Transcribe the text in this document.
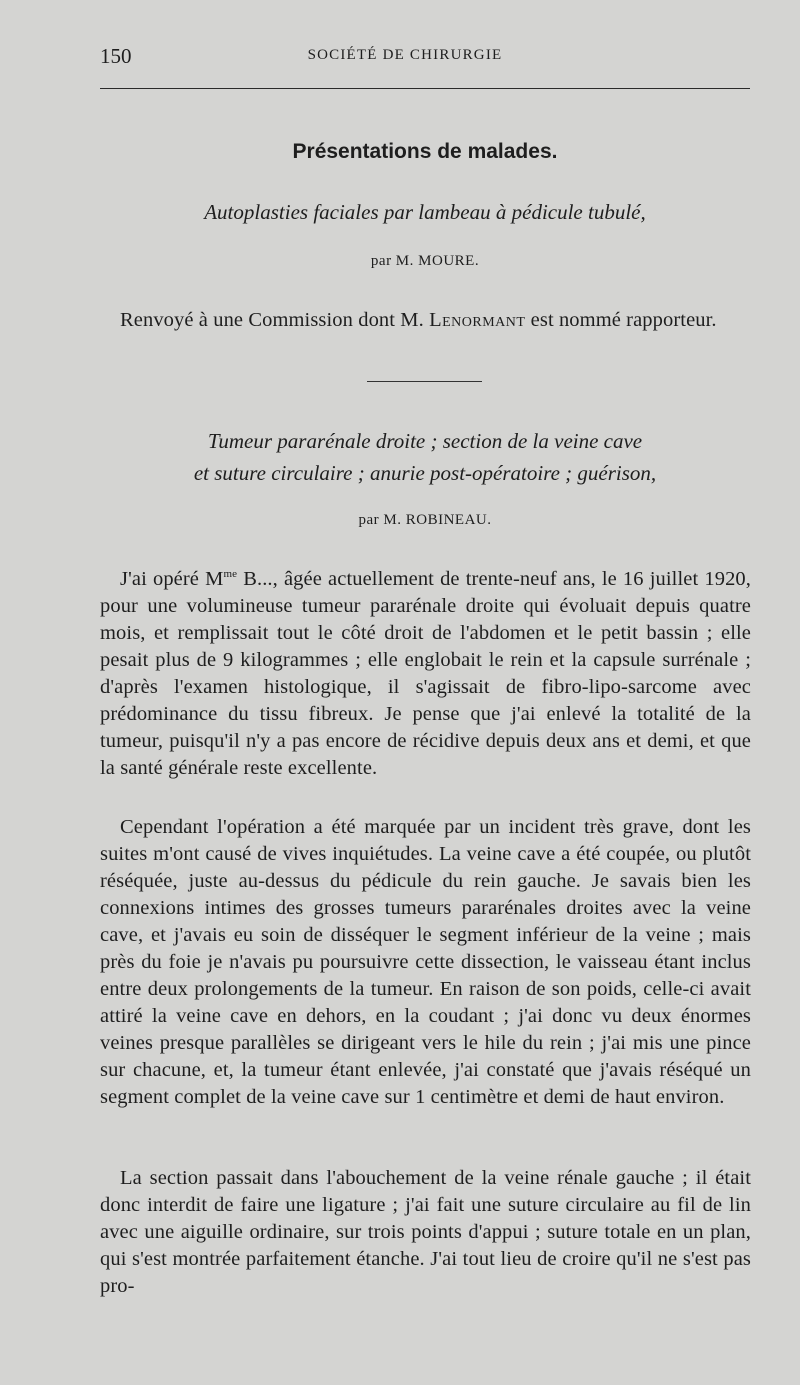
150	SOCIÉTÉ DE CHIRURGIE
Présentations de malades.
Autoplasties faciales par lambeau à pédicule tubulé,
par M. MOURE.

Renvoyé à une Commission dont M. Lenormant est nommé rapporteur.

Tumeur pararénale droite ; section de la veine cave
et suture circulaire ; anurie post-opératoire ; guérison,
par M. ROBINEAU.

J'ai opéré $M^{me}$ B..., âgée actuellement de trente-neuf ans, le 16 juillet 1920, pour une volumineuse tumeur pararénale droite qui évoluait depuis quatre mois, et remplissait tout le côté droit de l'abdomen et le petit bassin ; elle pesait plus de 9 kilogrammes ; elle englobait le rein et la capsule surrénale ; d'après l'examen histologique, il s'agissait de fibro-lipo-sarcome avec prédominance du tissu fibreux. Je pense que j'ai enlevé la totalité de la tumeur, puisqu'il n'y a pas encore de récidive depuis deux ans et demi, et que la santé générale reste excellente.

Cependant l'opération a été marquée par un incident très grave, dont les suites m'ont causé de vives inquiétudes. La veine cave a été coupée, ou plutôt réséquée, juste au-dessus du pédicule du rein gauche. Je savais bien les connexions intimes des grosses tumeurs pararénales droites avec la veine cave, et j'avais eu soin de disséquer le segment inférieur de la veine ; mais près du foie je n'avais pu poursuivre cette dissection, le vaisseau étant inclus entre deux prolongements de la tumeur. En raison de son poids, celle-ci avait attiré la veine cave en dehors, en la coudant ; j'ai donc vu deux énormes veines presque parallèles se dirigeant vers le hile du rein ; j'ai mis une pince sur chacune, et, la tumeur étant enlevée, j'ai constaté que j'avais réséqué un segment complet de la veine cave sur 1 centimètre et demi de haut environ.

La section passait dans l'abouchement de la veine rénale gauche ; il était donc interdit de faire une ligature ; j'ai fait une suture circulaire au fil de lin avec une aiguille ordinaire, sur trois points d'appui ; suture totale en un plan, qui s'est montrée parfaitement étanche. J'ai tout lieu de croire qu'il ne s'est pas pro-
